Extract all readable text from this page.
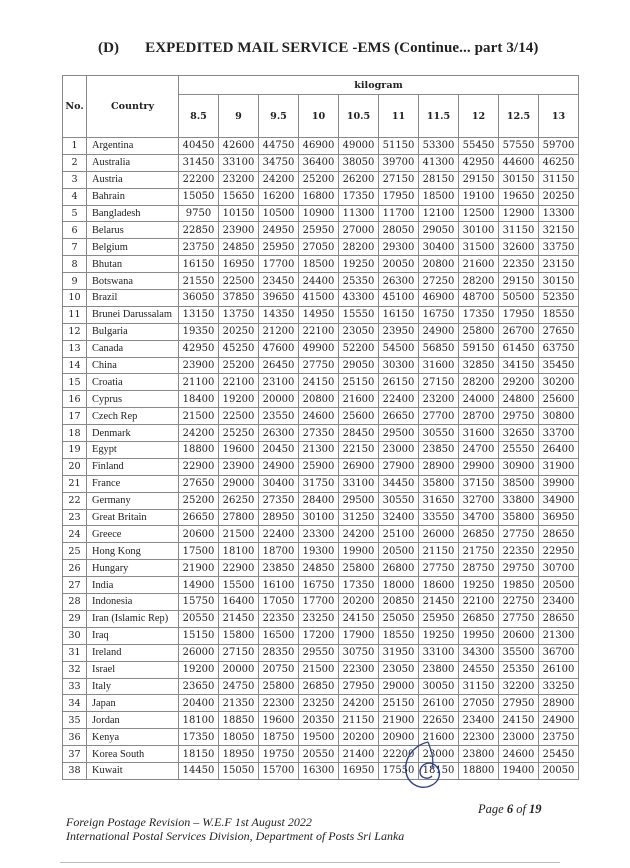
(D) EXPEDITED MAIL SERVICE -EMS (Continue... part 3/14)
No.	Country	kilogram									
		8.5	9	9.5	10	10.5	11	11.5	12	12.5	13
1	Argentina	40450	42600	44750	46900	49000	51150	53300	55450	57550	59700
2	Australia	31450	33100	34750	36400	38050	39700	41300	42950	44600	46250
3	Austria	22200	23200	24200	25200	26200	27150	28150	29150	30150	31150
4	Bahrain	15050	15650	16200	16800	17350	17950	18500	19100	19650	20250
5	Bangladesh	9750	10150	10500	10900	11300	11700	12100	12500	12900	13300
6	Belarus	22850	23900	24950	25950	27000	28050	29050	30100	31150	32150
7	Belgium	23750	24850	25950	27050	28200	29300	30400	31500	32600	33750
8	Bhutan	16150	16950	17700	18500	19250	20050	20800	21600	22350	23150
9	Botswana	21550	22500	23450	24400	25350	26300	27250	28200	29150	30150
10	Brazil	36050	37850	39650	41500	43300	45100	46900	48700	50500	52350
11	Brunei Darussalam	13150	13750	14350	14950	15550	16150	16750	17350	17950	18550
12	Bulgaria	19350	20250	21200	22100	23050	23950	24900	25800	26700	27650
13	Canada	42950	45250	47600	49900	52200	54500	56850	59150	61450	63750
14	China	23900	25200	26450	27750	29050	30300	31600	32850	34150	35450
15	Croatia	21100	22100	23100	24150	25150	26150	27150	28200	29200	30200
16	Cyprus	18400	19200	20000	20800	21600	22400	23200	24000	24800	25600
17	Czech Rep	21500	22500	23550	24600	25600	26650	27700	28700	29750	30800
18	Denmark	24200	25250	26300	27350	28450	29500	30550	31600	32650	33700
19	Egypt	18800	19600	20450	21300	22150	23000	23850	24700	25550	26400
20	Finland	22900	23900	24900	25900	26900	27900	28900	29900	30900	31900
21	France	27650	29000	30400	31750	33100	34450	35800	37150	38500	39900
22	Germany	25200	26250	27350	28400	29500	30550	31650	32700	33800	34900
23	Great Britain	26650	27800	28950	30100	31250	32400	33550	34700	35800	36950
24	Greece	20600	21500	22400	23300	24200	25100	26000	26850	27750	28650
25	Hong Kong	17500	18100	18700	19300	19900	20500	21150	21750	22350	22950
26	Hungary	21900	22900	23850	24850	25800	26800	27750	28750	29750	30700
27	India	14900	15500	16100	16750	17350	18000	18600	19250	19850	20500
28	Indonesia	15750	16400	17050	17700	20200	20850	21450	22100	22750	23400
29	Iran (Islamic Rep)	20550	21450	22350	23250	24150	25050	25950	26850	27750	28650
30	Iraq	15150	15800	16500	17200	17900	18550	19250	19950	20600	21300
31	Ireland	26000	27150	28350	29550	30750	31950	33100	34300	35500	36700
32	Israel	19200	20000	20750	21500	22300	23050	23800	24550	25350	26100
33	Italy	23650	24750	25800	26850	27950	29000	30050	31150	32200	33250
34	Japan	20400	21350	22300	23250	24200	25150	26100	27050	27950	28900
35	Jordan	18100	18850	19600	20350	21150	21900	22650	23400	24150	24900
36	Kenya	17350	18050	18750	19500	20200	20900	21600	22300	23000	23750
37	Korea South	18150	18950	19750	20550	21400	22200	23000	23800	24600	25450
38	Kuwait	14450	15050	15700	16300	16950	17550	18150	18800	19400	20050
Page 6 of 19
Foreign Postage Revision – W.E.F 1st August 2022
International Postal Services Division, Department of Posts Sri Lanka
